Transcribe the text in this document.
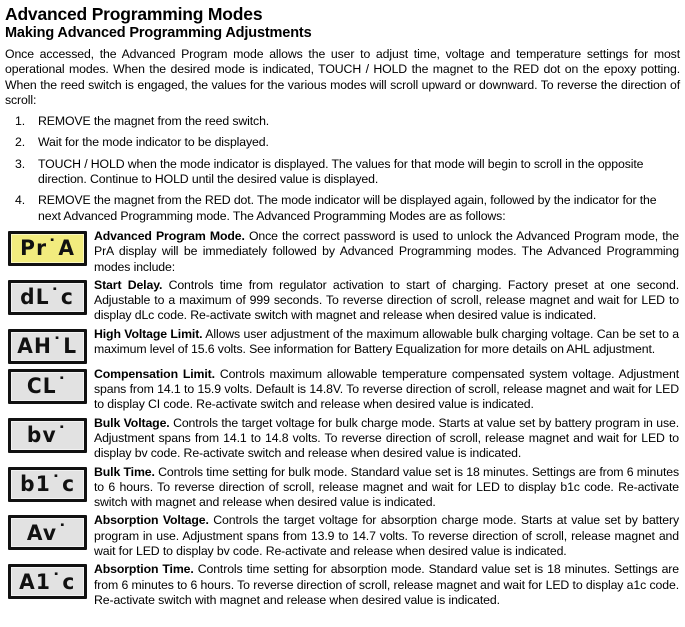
Advanced Programming Modes
Making Advanced Programming Adjustments

Once accessed, the Advanced Program mode allows the user to adjust time, voltage and temperature settings for most operational modes. When the desired mode is indicated, TOUCH / HOLD the magnet to the RED dot on the epoxy potting. When the reed switch is engaged, the values for the various modes will scroll upward or downward. To reverse the direction of scroll:

1.	REMOVE the magnet from the reed switch.
2.	Wait for the mode indicator to be displayed.
3.	TOUCH / HOLD when the mode indicator is displayed. The values for that mode will begin to scroll in the opposite direction. Continue to HOLD until the desired value is displayed.
4.	REMOVE the magnet from the RED dot. The mode indicator will be displayed again, followed by the indicator for the next Advanced Programming mode. The Advanced Programming Modes are as follows:
Pr˙A
Advanced Program Mode. Once the correct password is used to unlock the Advanced Program mode, the PrA display will be immediately followed by Advanced Programming modes. The Advanced Programming modes include:
dL˙c
Start Delay. Controls time from regulator activation to start of charging. Factory preset at one second. Adjustable to a maximum of 999 seconds. To reverse direction of scroll, release magnet and wait for LED to display dLc code. Re-activate switch with magnet and release when desired value is indicated.
AH˙L
High Voltage Limit. Allows user adjustment of the maximum allowable bulk charging voltage. Can be set to a maximum level of 15.6 volts. See information for Battery Equalization for more details on AHL adjustment.
CL˙
Compensation Limit. Controls maximum allowable temperature compensated system voltage. Adjustment spans from 14.1 to 15.9 volts. Default is 14.8V. To reverse direction of scroll, release magnet and wait for LED to display CI code. Re-activate switch and release when desired value is indicated.
bv˙
Bulk Voltage. Controls the target voltage for bulk charge mode. Starts at value set by battery program in use. Adjustment spans from 14.1 to 14.8 volts. To reverse direction of scroll, release magnet and wait for LED to display bv code. Re-activate switch and release when desired value is indicated.
b1˙c
Bulk Time. Controls time setting for bulk mode. Standard value set is 18 minutes. Settings are from 6 minutes to 6 hours. To reverse direction of scroll, release magnet and wait for LED to display b1c code. Re-activate switch with magnet and release when desired value is indicated.
Av˙
Absorption Voltage. Controls the target voltage for absorption charge mode. Starts at value set by battery program in use. Adjustment spans from 13.9 to 14.7 volts. To reverse direction of scroll, release magnet and wait for LED to display bv code. Re-activate and release when desired value is indicated.
A1˙c
Absorption Time. Controls time setting for absorption mode. Standard value set is 18 minutes. Settings are from 6 minutes to 6 hours. To reverse direction of scroll, release magnet and wait for LED to display a1c code. Re-activate switch with magnet and release when desired value is indicated.
